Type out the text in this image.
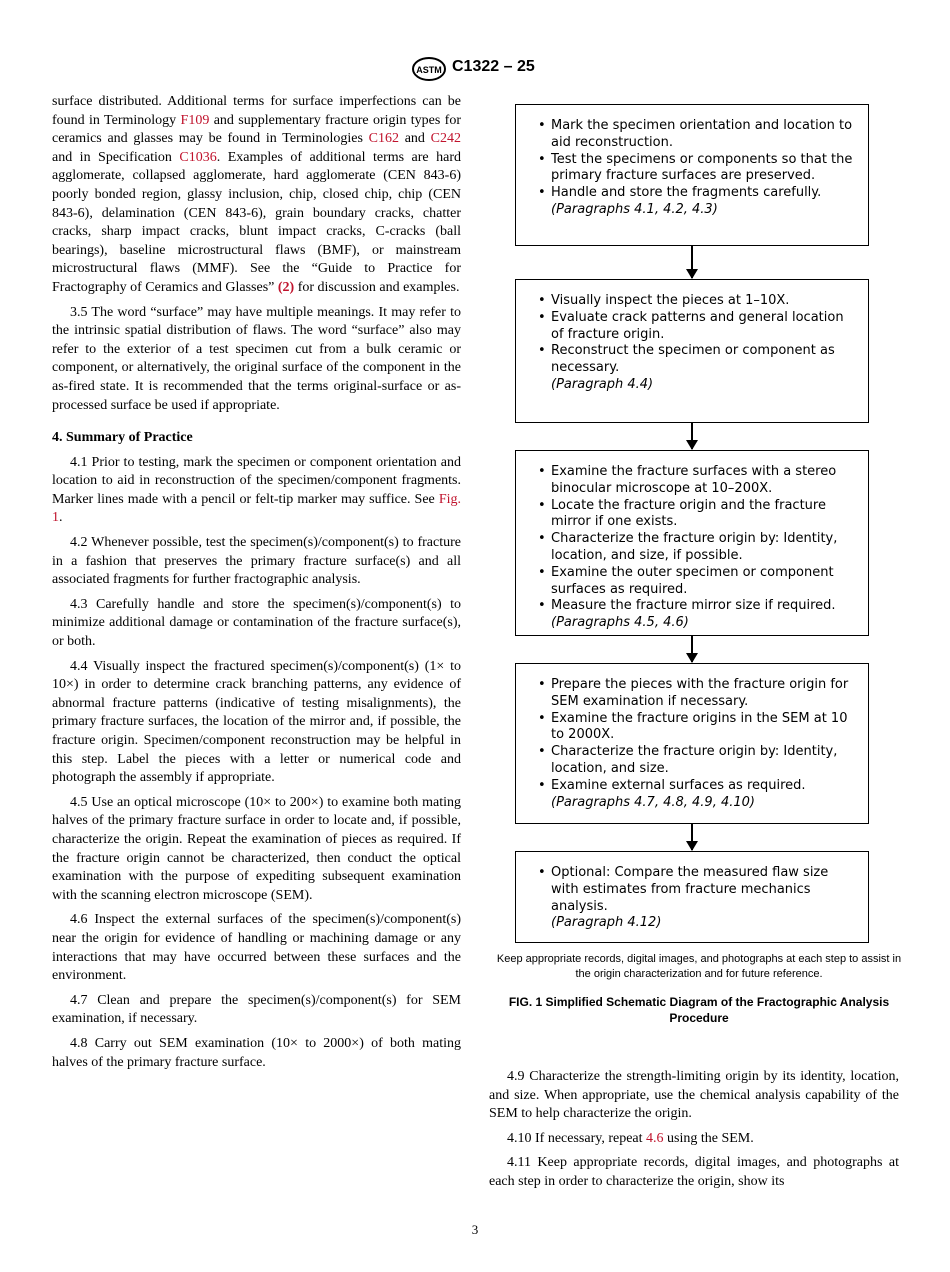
ASTM C1322 – 25

surface distributed. Additional terms for surface imperfections can be found in Terminology F109 and supplementary fracture origin types for ceramics and glasses may be found in Terminologies C162 and C242 and in Specification C1036. Examples of additional terms are hard agglomerate, collapsed agglomerate, hard agglomerate (CEN 843-6) poorly bonded region, glassy inclusion, chip, closed chip, chip (CEN 843-6), delamination (CEN 843-6), grain boundary cracks, chatter cracks, sharp impact cracks, blunt impact cracks, C-cracks (ball bearings), baseline microstructural flaws (BMF), or mainstream microstructural flaws (MMF). See the “Guide to Practice for Fractography of Ceramics and Glasses” (2) for discussion and examples.

3.5 The word “surface” may have multiple meanings. It may refer to the intrinsic spatial distribution of flaws. The word “surface” also may refer to the exterior of a test specimen cut from a bulk ceramic or component, or alternatively, the original surface of the component in the as-fired state. It is recommended that the terms original-surface or as-processed surface be used if appropriate.

4. Summary of Practice

4.1 Prior to testing, mark the specimen or component orientation and location to aid in reconstruction of the specimen/component fragments. Marker lines made with a pencil or felt-tip marker may suffice. See Fig. 1.

4.2 Whenever possible, test the specimen(s)/component(s) to fracture in a fashion that preserves the primary fracture surface(s) and all associated fragments for further fractographic analysis.

4.3 Carefully handle and store the specimen(s)/component(s) to minimize additional damage or contamination of the fracture surface(s), or both.

4.4 Visually inspect the fractured specimen(s)/component(s) (1× to 10×) in order to determine crack branching patterns, any evidence of abnormal fracture patterns (indicative of testing misalignments), the primary fracture surfaces, the location of the mirror and, if possible, the fracture origin. Specimen/component reconstruction may be helpful in this step. Label the pieces with a letter or numerical code and photograph the assembly if appropriate.

4.5 Use an optical microscope (10× to 200×) to examine both mating halves of the primary fracture surface in order to locate and, if possible, characterize the origin. Repeat the examination of pieces as required. If the fracture origin cannot be characterized, then conduct the optical examination with the purpose of expediting subsequent examination with the scanning electron microscope (SEM).

4.6 Inspect the external surfaces of the specimen(s)/component(s) near the origin for evidence of handling or machining damage or any interactions that may have occurred between these surfaces and the environment.

4.7 Clean and prepare the specimen(s)/component(s) for SEM examination, if necessary.

4.8 Carry out SEM examination (10× to 2000×) of both mating halves of the primary fracture surface.

• Mark the specimen orientation and location to aid reconstruction.
• Test the specimens or components so that the primary fracture surfaces are preserved.
• Handle and store the fragments carefully.
(Paragraphs 4.1, 4.2, 4.3)
• Visually inspect the pieces at 1–10X.
• Evaluate crack patterns and general location of fracture origin.
• Reconstruct the specimen or component as necessary.
(Paragraph 4.4)
• Examine the fracture surfaces with a stereo binocular microscope at 10–200X.
• Locate the fracture origin and the fracture mirror if one exists.
• Characterize the fracture origin by: Identity, location, and size, if possible.
• Examine the outer specimen or component surfaces as required.
• Measure the fracture mirror size if required.
(Paragraphs 4.5, 4.6)
• Prepare the pieces with the fracture origin for SEM examination if necessary.
• Examine the fracture origins in the SEM at 10 to 2000X.
• Characterize the fracture origin by: Identity, location, and size.
• Examine external surfaces as required.
(Paragraphs 4.7, 4.8, 4.9, 4.10)
• Optional: Compare the measured flaw size with estimates from fracture mechanics analysis.
(Paragraph 4.12)
Keep appropriate records, digital images, and photographs at each step to assist in the origin characterization and for future reference.
FIG. 1 Simplified Schematic Diagram of the Fractographic Analysis Procedure

4.9 Characterize the strength-limiting origin by its identity, location, and size. When appropriate, use the chemical analysis capability of the SEM to help characterize the origin.

4.10 If necessary, repeat 4.6 using the SEM.

4.11 Keep appropriate records, digital images, and photographs at each step in order to characterize the origin, show its

3
